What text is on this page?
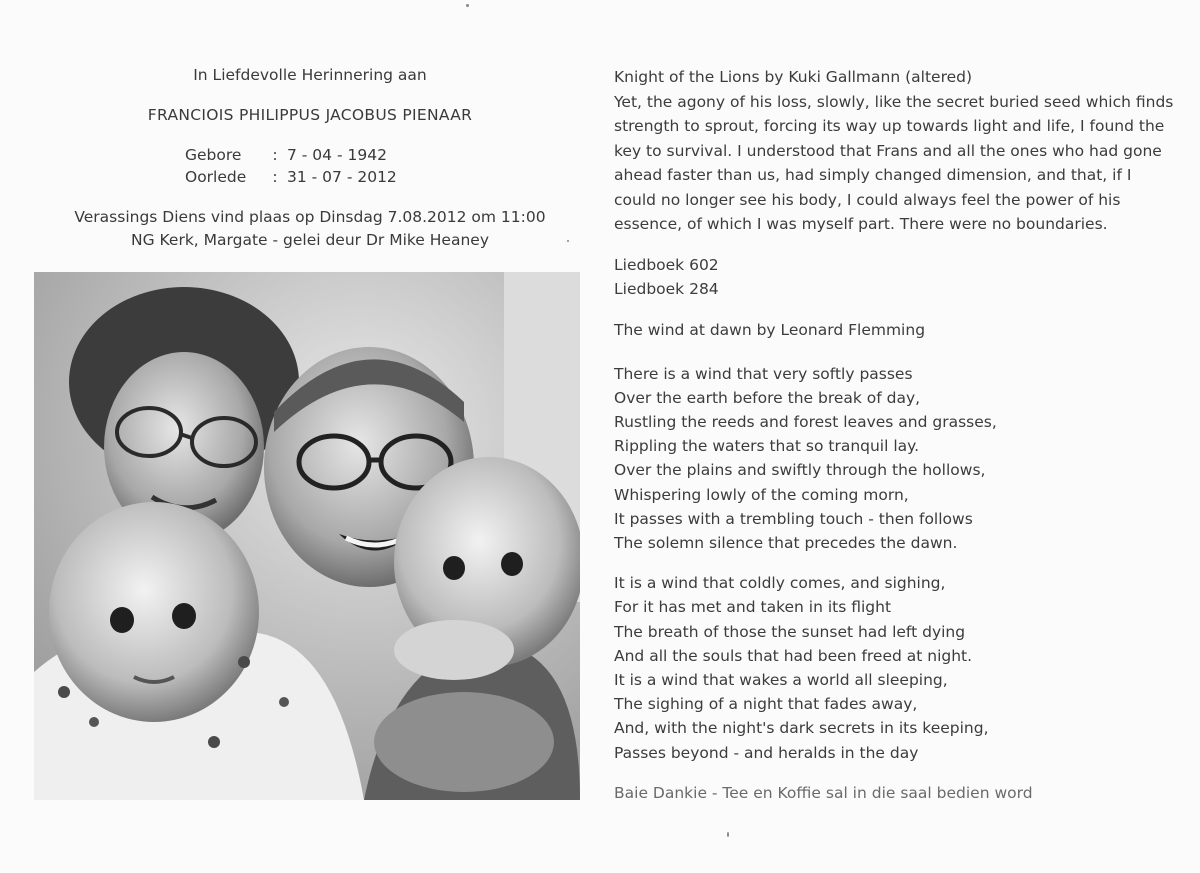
In Liefdevolle Herinnering aan
FRANCIOIS PHILIPPUS JACOBUS PIENAAR
Gebore	: 7 - 04 - 1942
Oorlede	: 31 - 07 - 2012
Verassings Diens vind plaas op Dinsdag 7.08.2012 om 11:00
NG Kerk, Margate - gelei deur Dr Mike Heaney
Knight of the Lions by Kuki Gallmann (altered)
Yet, the agony of his loss, slowly, like the secret buried seed which finds strength to sprout, forcing its way up towards light and life, I found the key to survival. I understood that Frans and all the ones who had gone ahead faster than us, had simply changed dimension, and that, if I could no longer see his body, I could always feel the power of his essence, of which I was myself part. There were no boundaries.
Liedboek 602
Liedboek 284
The wind at dawn by Leonard Flemming
There is a wind that very softly passes
Over the earth before the break of day,
Rustling the reeds and forest leaves and grasses,
Rippling the waters that so tranquil lay.
Over the plains and swiftly through the hollows,
Whispering lowly of the coming morn,
It passes with a trembling touch - then follows
The solemn silence that precedes the dawn.
It is a wind that coldly comes, and sighing,
For it has met and taken in its flight
The breath of those the sunset had left dying
And all the souls that had been freed at night.
It is a wind that wakes a world all sleeping,
The sighing of a night that fades away,
And, with the night's dark secrets in its keeping,
Passes beyond - and heralds in the day
Baie Dankie - Tee en Koffie sal in die saal bedien word
